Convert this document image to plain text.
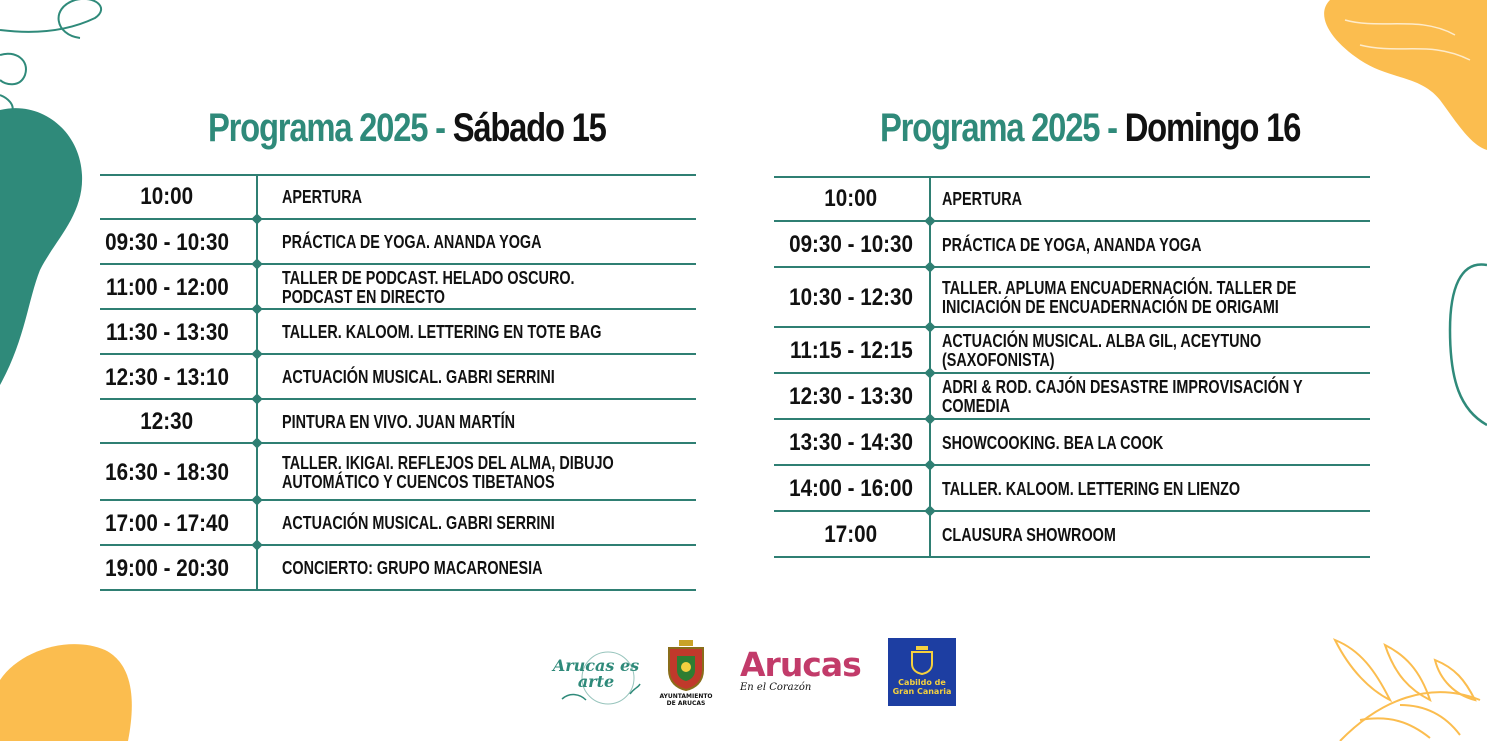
Programa 2025 - Sábado 15
10:00	APERTURA
09:30 - 10:30	PRÁCTICA DE YOGA. ANANDA YOGA
11:00 - 12:00	TALLER DE PODCAST. HELADO OSCURO. PODCAST EN DIRECTO
11:30 - 13:30	TALLER. KALOOM. LETTERING EN TOTE BAG
12:30 - 13:10	ACTUACIÓN MUSICAL. GABRI SERRINI
12:30	PINTURA EN VIVO. JUAN MARTÍN
16:30 - 18:30	TALLER. IKIGAI. REFLEJOS DEL ALMA, DIBUJO
AUTOMÁTICO Y CUENCOS TIBETANOS
17:00 - 17:40	ACTUACIÓN MUSICAL. GABRI SERRINI
19:00 - 20:30	CONCIERTO: GRUPO MACARONESIA
Programa 2025 - Domingo 16
10:00	APERTURA
09:30 - 10:30 PRÁCTICA DE YOGA, ANANDA YOGA
10:30 - 12:30 TALLER. APLUMA ENCUADERNACIÓN. TALLER DE
INICIACIÓN DE ENCUADERNACIÓN DE ORIGAMI
11:15 - 12:15 ACTUACIÓN MUSICAL. ALBA GIL, ACEYTUNO (SAXOFONISTA)
12:30 - 13:30 ADRI & ROD. CAJÓN DESASTRE IMPROVISACIÓN Y COMEDIA
13:30 - 14:30 SHOWCOOKING. BEA LA COOK
14:00 - 16:00 TALLER. KALOOM. LETTERING EN LIENZO
17:00	CLAUSURA SHOWROOM
Arucas es arte
AYUNTAMIENTO DE ARUCAS
Arucas
En el Corazón	Cabildo de Gran Canaria
